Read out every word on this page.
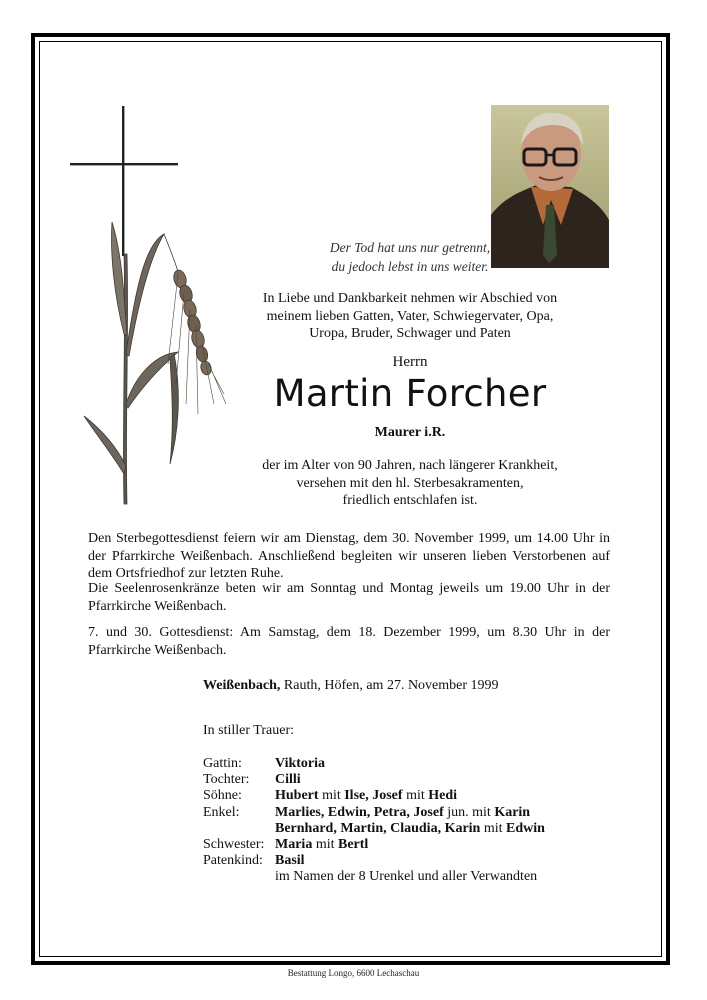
Der Tod hat uns nur getrennt,
du jedoch lebst in uns weiter.
In Liebe und Dankbarkeit nehmen wir Abschied von
meinem lieben Gatten, Vater, Schwiegervater, Opa,
Uropa, Bruder, Schwager und Paten
Herrn
Martin Forcher
Maurer i.R.
der im Alter von 90 Jahren, nach längerer Krankheit,
versehen mit den hl. Sterbesakramenten,
friedlich entschlafen ist.
Den Sterbegottesdienst feiern wir am Dienstag, dem 30. November 1999, um 14.00 Uhr in der Pfarrkirche Weißenbach. Anschließend begleiten wir unseren lieben Verstorbenen auf dem Ortsfriedhof zur letzten Ruhe.
Die Seelenrosenkränze beten wir am Sonntag und Montag jeweils um 19.00 Uhr in der Pfarrkirche Weißenbach.
7. und 30. Gottesdienst: Am Samstag, dem 18. Dezember 1999, um 8.30 Uhr in der Pfarrkirche Weißenbach.
Weißenbach, Rauth, Höfen, am 27. November 1999
In stiller Trauer:
Gattin:	Viktoria
Tochter:	Cilli
Söhne:	Hubert mit Ilse, Josef mit Hedi
Enkel:	Marlies, Edwin, Petra, Josef jun. mit Karin
Bernhard, Martin, Claudia, Karin mit Edwin
Schwester: Maria mit Bertl
Patenkind: Basil
im Namen der 8 Urenkel und aller Verwandten
Bestattung Longo, 6600 Lechaschau
